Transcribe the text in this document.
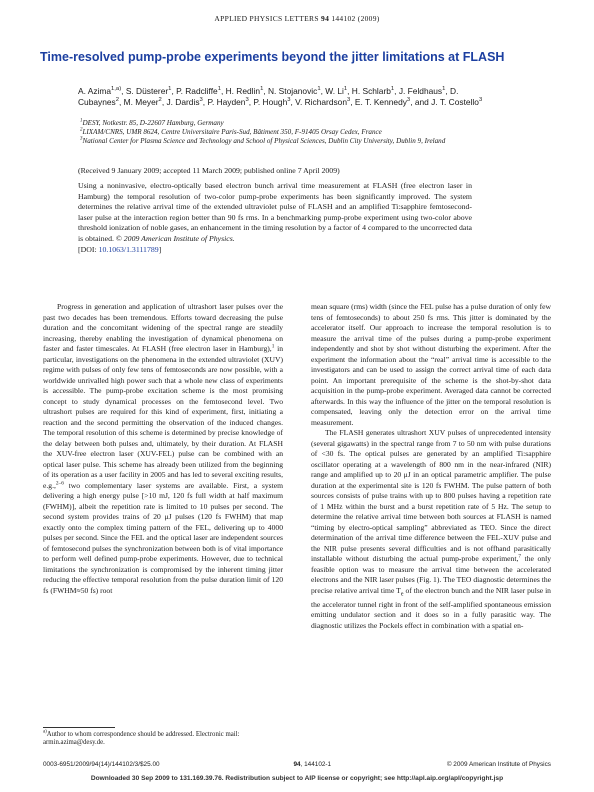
APPLIED PHYSICS LETTERS 94 144102 (2009)
Time-resolved pump-probe experiments beyond the jitter limitations at FLASH
A. Azima$^{1,a)}$, S. Düsterer$^1$, P. Radcliffe$^1$, H. Redlin$^1$, N. Stojanovic$^1$, W. Li$^1$, H. Schlarb$^1$, J. Feldhaus$^1$, D. Cubaynes$^2$, M. Meyer$^2$, J. Dardis$^3$, P. Hayden$^3$, P. Hough$^3$, V. Richardson$^3$, E. T. Kennedy$^3$, and J. T. Costello$^3$
$^1$DESY, Notkestr. 85, D-22607 Hamburg, Germany
$^2$LIXAM/CNRS, UMR 8624, Centre Universitaire Paris-Sud, Bâtiment 350, F-91405 Orsay Cedex, France
$^3$National Center for Plasma Science and Technology and School of Physical Sciences, Dublin City University, Dublin 9, Ireland
(Received 9 January 2009; accepted 11 March 2009; published online 7 April 2009)
Using a noninvasive, electro-optically based electron bunch arrival time measurement at FLASH (free electron laser in Hamburg) the temporal resolution of two-color pump-probe experiments has been significantly improved. The system determines the relative arrival time of the extended ultraviolet pulse of FLASH and an amplified Ti:sapphire femtosecond-laser pulse at the interaction region better than 90 fs rms. In a benchmarking pump-probe experiment using two-color above threshold ionization of noble gases, an enhancement in the timing resolution by a factor of 4 compared to the uncorrected data is obtained. © 2009 American Institute of Physics.
[DOI: 10.1063/1.3111789]

Progress in generation and application of ultrashort laser pulses over the past two decades has been tremendous. Efforts toward decreasing the pulse duration and the concomitant widening of the spectral range are steadily increasing, thereby enabling the investigation of dynamical phenomena on faster and faster timescales. At FLASH (free electron laser in Hamburg),$^1$ in particular, investigations on the phenomena in the extended ultraviolet (XUV) regime with pulses of only few tens of femtoseconds are now possible, with a worldwide unrivalled high power such that a whole new class of experiments is accessible. The pump-probe excitation scheme is the most promising concept to study dynamical processes on the femtosecond level. Two ultrashort pulses are required for this kind of experiment, first, initiating a reaction and the second permitting the observation of the induced changes. The temporal resolution of this scheme is determined by precise knowledge of the delay between both pulses and, ultimately, by their duration. At FLASH the XUV-free electron laser (XUV-FEL) pulse can be combined with an optical laser pulse. This scheme has already been utilized from the beginning of its operation as a user facility in 2005 and has led to several exciting results, e.g.,$^{2-6}$ two complementary laser systems are available. First, a system delivering a high energy pulse [>10 mJ, 120 fs full width at half maximum (FWHM)], albeit the repetition rate is limited to 10 pulses per second. The second system provides trains of 20 μJ pulses (120 fs FWHM) that map exactly onto the complex timing pattern of the FEL, delivering up to 4000 pulses per second. Since the FEL and the optical laser are independent sources of femtosecond pulses the synchronization between both is of vital importance to perform well defined pump-probe experiments. However, due to technical limitations the synchronization is compromised by the inherent timing jitter reducing the effective temporal resolution from the pulse duration limit of 120 fs (FWHM≈50 fs) root

mean square (rms) width (since the FEL pulse has a pulse duration of only few tens of femtoseconds) to about 250 fs rms. This jitter is dominated by the accelerator itself. Our approach to increase the temporal resolution is to measure the arrival time of the pulses during a pump-probe experiment independently and shot by shot without disturbing the experiment. After the experiment the information about the “real” arrival time is accessible to the investigators and can be used to assign the correct arrival time of each data point. An important prerequisite of the scheme is the shot-by-shot data acquisition in the pump-probe experiment. Averaged data cannot be corrected afterwards. In this way the influence of the jitter on the temporal resolution is compensated, leaving only the detection error on the arrival time measurement.

The FLASH generates ultrashort XUV pulses of unprecedented intensity (several gigawatts) in the spectral range from 7 to 50 nm with pulse durations of <30 fs. The optical pulses are generated by an amplified Ti:sapphire oscillator operating at a wavelength of 800 nm in the near-infrared (NIR) range and amplified up to 20 μJ in an optical parametric amplifier. The pulse duration at the experimental site is 120 fs FWHM. The pulse pattern of both sources consists of pulse trains with up to 800 pulses having a repetition rate of 1 MHz within the burst and a burst repetition rate of 5 Hz. The setup to determine the relative arrival time between both sources at FLASH is named “timing by electro-optical sampling” abbreviated as TEO. Since the direct determination of the arrival time difference between the FEL-XUV pulse and the NIR pulse presents several difficulties and is not offhand parasitically installable without disturbing the actual pump-probe experiment,$^7$ the only feasible option was to measure the arrival time between the accelerated electrons and the NIR laser pulses (Fig. 1). The TEO diagnostic determines the precise relative arrival time $T_e$ of the electron bunch and the NIR laser pulse in the accelerator tunnel right in front of the self-amplified spontaneous emission emitting undulator section and it does so in a fully parasitic way. The diagnostic utilizes the Pockels effect in combination with a spatial en-

$^{a)}$Author to whom correspondence should be addressed. Electronic mail: armin.azima@desy.de.
0003-6951/2009/94(14)/144102/3/$25.00	94 , 144102-1	© 2009 American Institute of Physics
Downloaded 30 Sep 2009 to 131.169.39.76. Redistribution subject to AIP license or copyright; see http://apl.aip.org/apl/copyright.jsp
